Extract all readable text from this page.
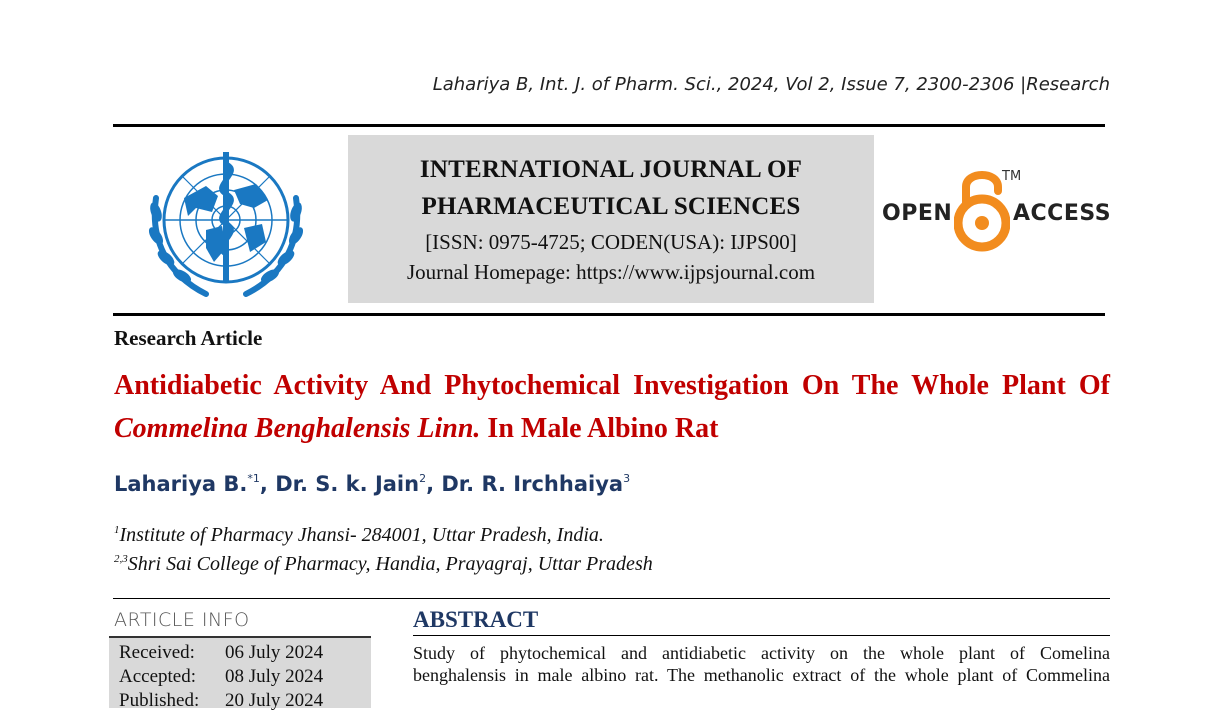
Lahariya B, Int. J. of Pharm. Sci., 2024, Vol 2, Issue 7, 2300-2306 |Research
INTERNATIONAL JOURNAL OF
PHARMACEUTICAL SCIENCES
[ISSN: 0975-4725; CODEN(USA): IJPS00]
Journal Homepage: https://www.ijpsjournal.com
OPEN
TM
ACCESS
Research Article
Antidiabetic Activity And Phytochemical Investigation On The Whole Plant Of Commelina Benghalensis Linn. In Male Albino Rat
Lahariya B.$^{*1}$, Dr. S. k. Jain$^2$, Dr. R. Irchhaiya$^3$
$^1$Institute of Pharmacy Jhansi- 284001, Uttar Pradesh, India.
$^{2,3}$Shri Sai College of Pharmacy, Handia, Prayagraj, Uttar Pradesh
ARTICLE INFO
Received: 06 July 2024
Accepted: 08 July 2024
Published: 20 July 2024
ABSTRACT
Study of phytochemical and antidiabetic activity on the whole plant of Comelina
benghalensis in male albino rat. The methanolic extract of the whole plant of Commelina
